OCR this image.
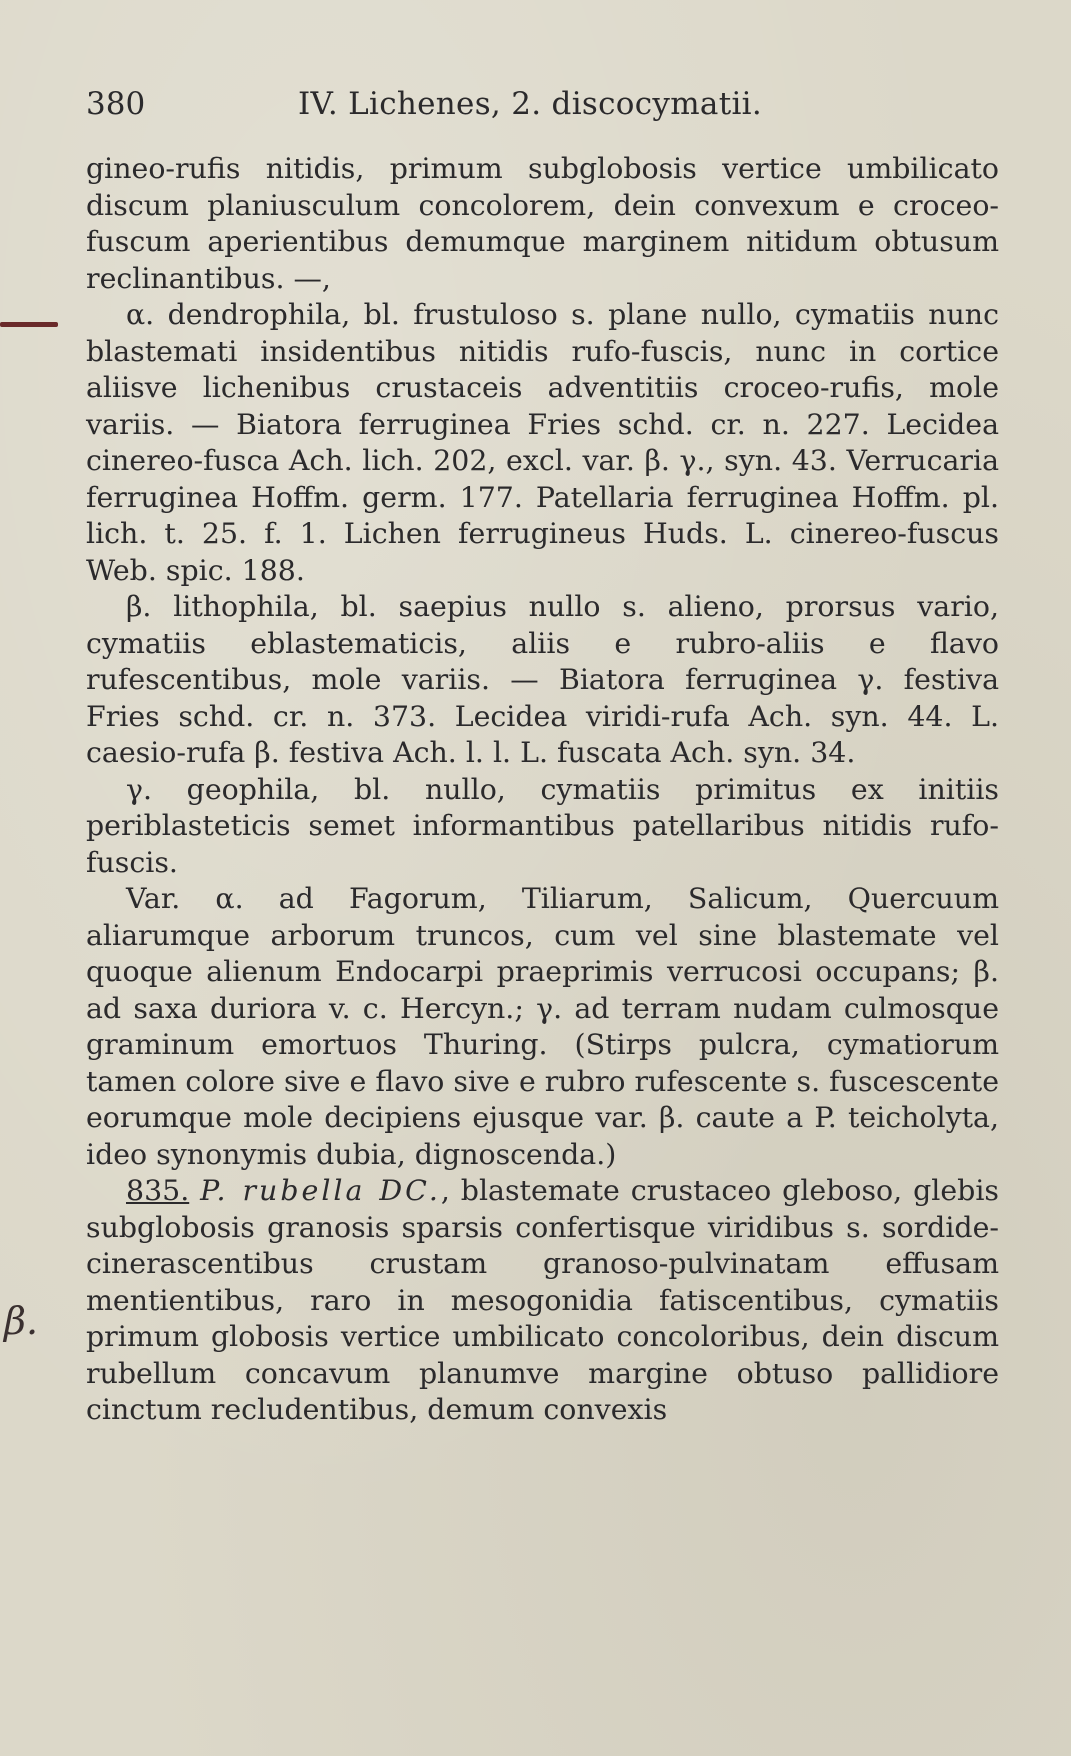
380	IV. Lichenes, 2. discocymatii.
β.

gineo-rufis nitidis, primum subglobosis vertice umbilicato discum planiusculum concolorem, dein convexum e croceo-fuscum aperientibus demumque marginem nitidum obtusum reclinantibus. —,

α. dendrophila, bl. frustuloso s. plane nullo, cymatiis nunc blastemati insidentibus nitidis rufo-fuscis, nunc in cortice aliisve lichenibus crustaceis adventitiis croceo-rufis, mole variis. — Biatora ferruginea Fries schd. cr. n. 227. Lecidea cinereo-fusca Ach. lich. 202, excl. var. β. γ., syn. 43. Verrucaria ferruginea Hoffm. germ. 177. Patellaria ferruginea Hoffm. pl. lich. t. 25. f. 1. Lichen ferrugineus Huds. L. cinereo-fuscus Web. spic. 188.

β. lithophila, bl. saepius nullo s. alieno, prorsus vario, cymatiis eblastematicis, aliis e rubro-aliis e flavo rufescentibus, mole variis. — Biatora ferruginea γ. festiva Fries schd. cr. n. 373. Lecidea viridi-rufa Ach. syn. 44. L. caesio-rufa β. festiva Ach. l. l. L. fuscata Ach. syn. 34.

γ. geophila, bl. nullo, cymatiis primitus ex initiis periblasteticis semet informantibus patellaribus nitidis rufo-fuscis.

Var. α. ad Fagorum, Tiliarum, Salicum, Quercuum aliarumque arborum truncos, cum vel sine blastemate vel quoque alienum Endocarpi praeprimis verrucosi occupans; β. ad saxa duriora v. c. Hercyn.; γ. ad terram nudam culmosque graminum emortuos Thuring. (Stirps pulcra, cymatiorum tamen colore sive e flavo sive e rubro rufescente s. fuscescente eorumque mole decipiens ejusque var. β. caute a P. teicholyta, ideo synonymis dubia, dignoscenda.)

835. P. rubella DC., blastemate crustaceo gleboso, glebis subglobosis granosis sparsis confertisque viridibus s. sordide-cinerascentibus crustam granoso-pulvinatam effusam mentientibus, raro in mesogonidia fatiscentibus, cymatiis primum globosis vertice umbilicato concoloribus, dein discum rubellum concavum planumve margine obtuso pallidiore cinctum recludentibus, demum convexis
